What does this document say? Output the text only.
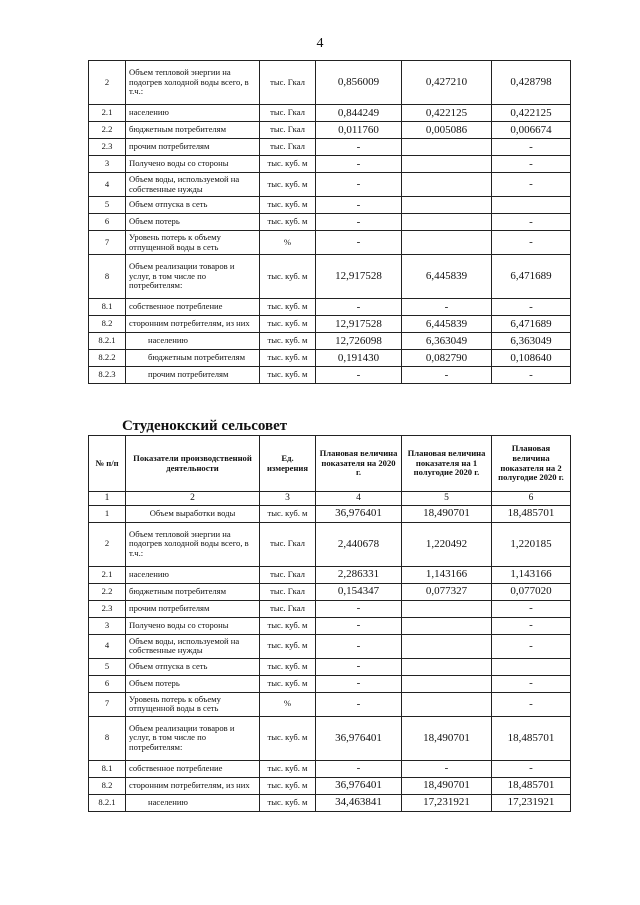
4
2	Объем тепловой энергии на подогрев холодной воды всего, в т.ч.:	тыс. Гкал	0,856009	0,427210	0,428798
2.1	населению	тыс. Гкал	0,844249	0,422125	0,422125
2.2	бюджетным потребителям	тыс. Гкал	0,011760	0,005086	0,006674
2.3	прочим потребителям	тыс. Гкал	-		-
3	Получено воды со стороны	тыс. куб. м	-		-
4	Объем воды, используемой на собственные нужды	тыс. куб. м	-		-
5	Объем отпуска в сеть	тыс. куб. м	-		
6	Объем потерь	тыс. куб. м	-		-
7	Уровень потерь к объему отпущенной воды в сеть	%	-		-
8	Объем реализации товаров и услуг, в том числе по потребителям:	тыс. куб. м	12,917528	6,445839	6,471689
8.1	собственное потребление	тыс. куб. м	-	-	-
8.2	сторонним потребителям, из них	тыс. куб. м	12,917528	6,445839	6,471689
8.2.1	населению	тыс. куб. м	12,726098	6,363049	6,363049
8.2.2	бюджетным потребителям	тыс. куб. м	0,191430	0,082790	0,108640
8.2.3	прочим потребителям	тыс. куб. м	-	-	-
Студенокский сельсовет
№ п/п	Показатели производственной деятельности	Ед. измерения	Плановая величина показателя на 2020 г.	Плановая величина показателя на 1 полугодие 2020 г.	Плановая величина показателя на 2 полугодие 2020 г.
1	2	3	4	5	6
1	Объем выработки воды	тыс. куб. м	36,976401	18,490701	18,485701
2	Объем тепловой энергии на подогрев холодной воды всего, в т.ч.:	тыс. Гкал	2,440678	1,220492	1,220185
2.1	населению	тыс. Гкал	2,286331	1,143166	1,143166
2.2	бюджетным потребителям	тыс. Гкал	0,154347	0,077327	0,077020
2.3	прочим потребителям	тыс. Гкал	-		-
3	Получено воды со стороны	тыс. куб. м	-		-
4	Объем воды, используемой на собственные нужды	тыс. куб. м	-		-
5	Объем отпуска в сеть	тыс. куб. м	-		
6	Объем потерь	тыс. куб. м	-		-
7	Уровень потерь к объему отпущенной воды в сеть	%	-		-
8	Объем реализации товаров и услуг, в том числе по потребителям:	тыс. куб. м	36,976401	18,490701	18,485701
8.1	собственное потребление	тыс. куб. м	-	-	-
8.2	сторонним потребителям, из них	тыс. куб. м	36,976401	18,490701	18,485701
8.2.1	населению	тыс. куб. м	34,463841	17,231921	17,231921
